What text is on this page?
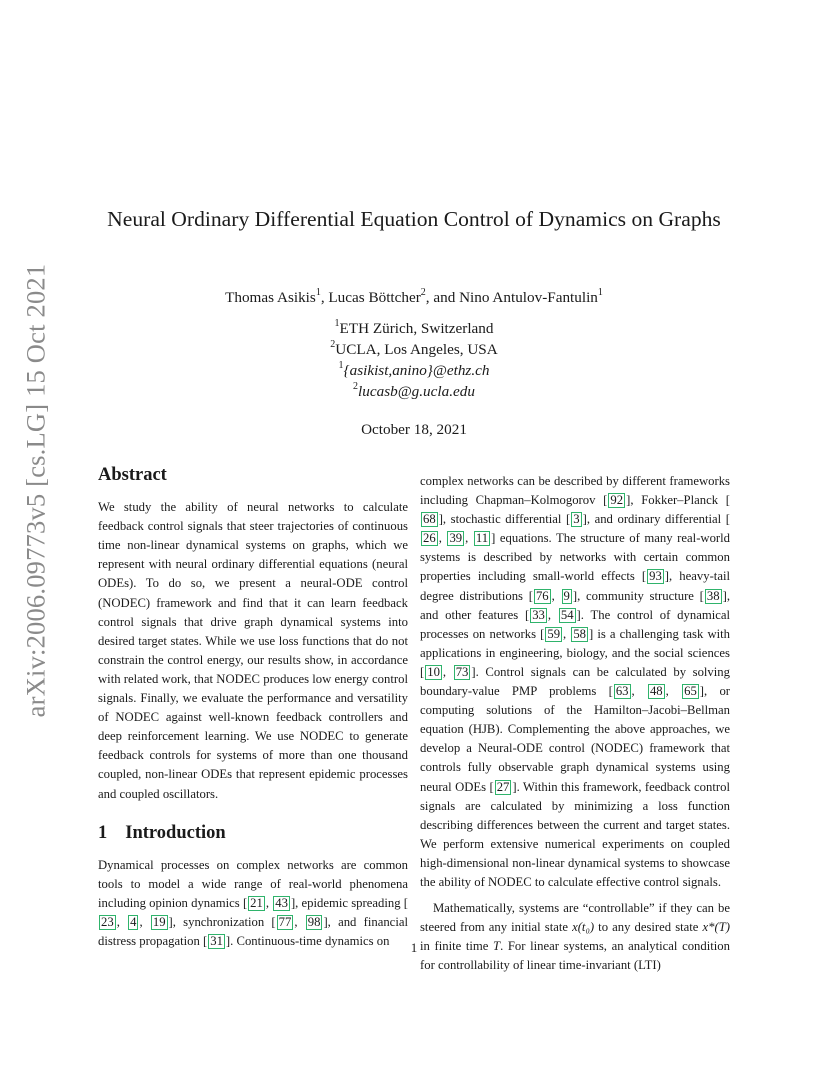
arXiv:2006.09773v5 [cs.LG] 15 Oct 2021
Neural Ordinary Differential Equation Control of Dynamics on Graphs
Thomas Asikis$^1$, Lucas Böttcher$^2$, and Nino Antulov-Fantulin$^1$
$^1$ETH Zürich, Switzerland
$^2$UCLA, Los Angeles, USA
$^1${asikist,anino}@ethz.ch
$^2$lucasb@g.ucla.edu
October 18, 2021
Abstract

We study the ability of neural networks to calculate feedback control signals that steer trajectories of continuous time non-linear dynamical systems on graphs, which we represent with neural ordinary differential equations (neural ODEs). To do so, we present a neural-ODE control (NODEC) framework and find that it can learn feedback control signals that drive graph dynamical systems into desired target states. While we use loss functions that do not constrain the control energy, our results show, in accordance with related work, that NODEC produces low energy control signals. Finally, we evaluate the performance and versatility of NODEC against well-known feedback controllers and deep reinforcement learning. We use NODEC to generate feedback controls for systems of more than one thousand coupled, non-linear ODEs that represent epidemic processes and coupled oscillators.

1 Introduction

Dynamical processes on complex networks are common tools to model a wide range of real-world phenomena including opinion dynamics [ 21 , 43 ], epidemic spreading [23 , 4 , 19 ], synchronization [ 77 , 98 ], and financial distress propagation [ 31 ]. Continuous-time dynamics on

complex networks can be described by different frameworks including Chapman–Kolmogorov [ 92 ], Fokker–Planck [68 ], stochastic differential [ 3 ], and ordinary differential [26 , 39 , 11 ] equations. The structure of many real-world systems is described by networks with certain common properties including small-world effects [ 93 ], heavy-tail degree distributions [ 76 , 9 ], community structure [ 38 ], and other features [ 33 , 54 ]. The control of dynamical processes on networks [ 59 , 58 ] is a challenging task with applications in engineering, biology, and the social sciences [ 10 , 73 ]. Control signals can be calculated by solving boundary-value PMP problems [ 63 , 48 , 65 ], or computing solutions of the Hamilton–Jacobi–Bellman equation (HJB). Complementing the above approaches, we develop a Neural-ODE control (NODEC) framework that controls fully observable graph dynamical systems using neural ODEs [ 27 ]. Within this framework, feedback control signals are calculated by minimizing a loss function describing differences between the current and target states. We perform extensive numerical experiments on coupled high-dimensional non-linear dynamical systems to showcase the ability of NODEC to calculate effective control signals.

Mathematically, systems are “controllable” if they can be steered from any initial state x(t₀) to any desired state x*(T) in finite time T. For linear systems, an analytical condition for controllability of linear time-invariant (LTI)

1
